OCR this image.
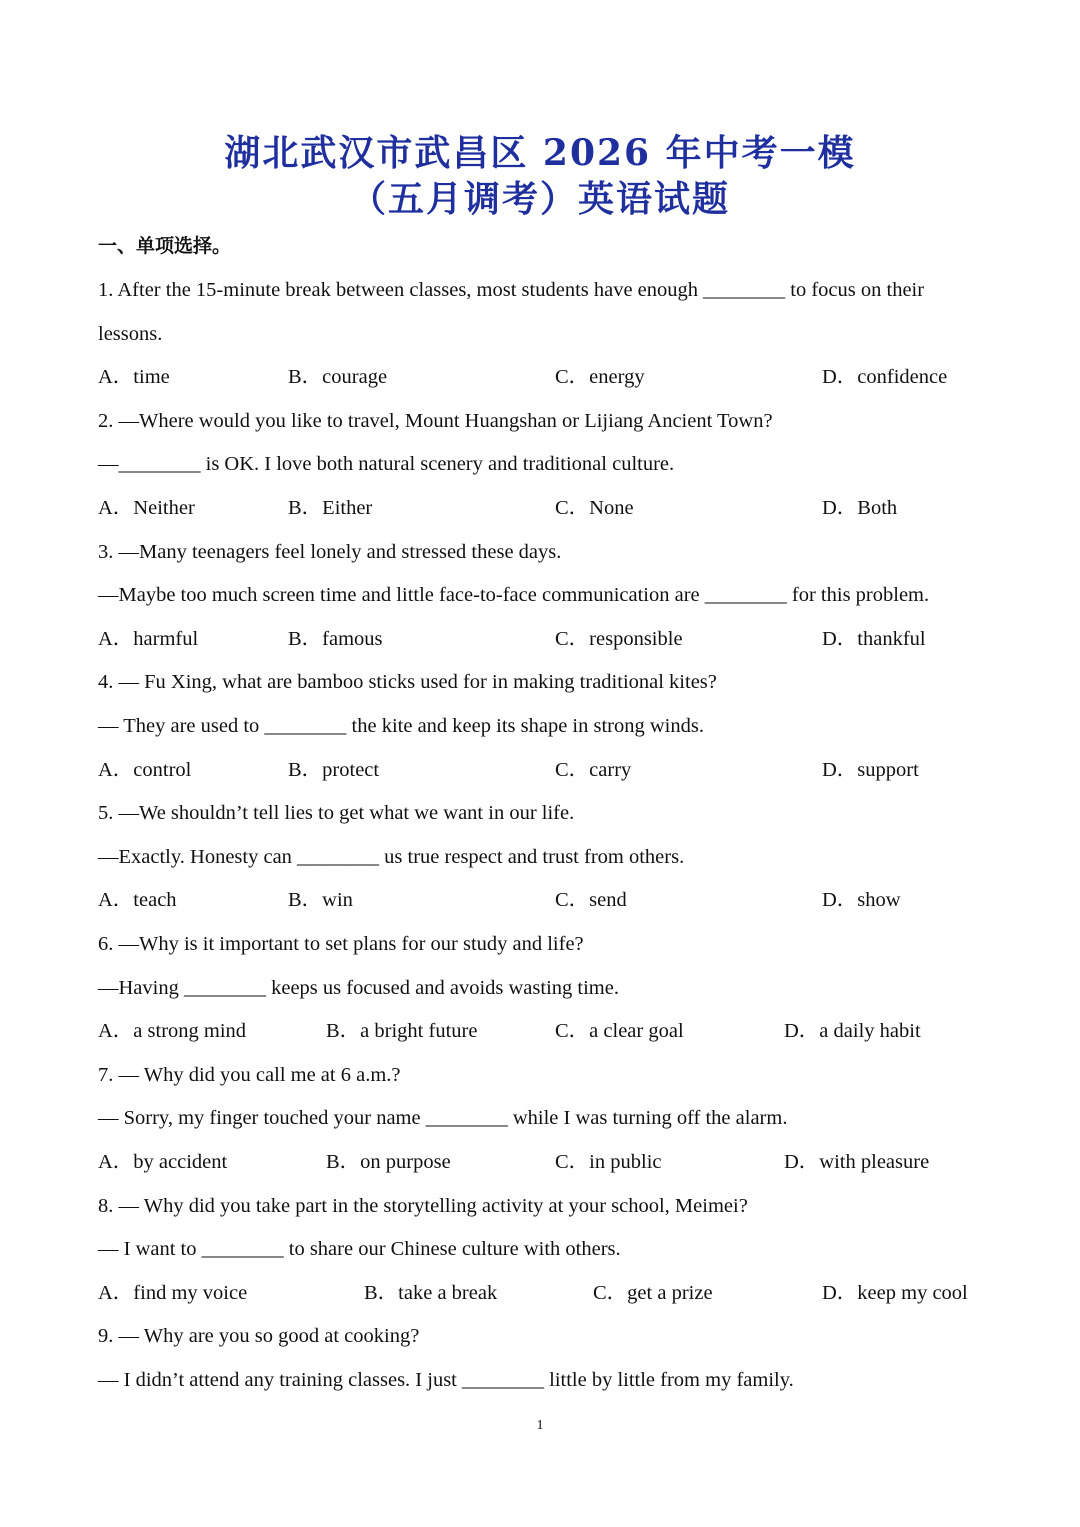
湖北武汉市武昌区 2026 年中考一模
（五月调考）英语试题

一、单项选择。

1. After the 15-minute break between classes, most students have enough ________ to focus on their

lessons.

A．time	B．courage	C．energy	D．confidence

2. —Where would you like to travel, Mount Huangshan or Lijiang Ancient Town?

—________ is OK. I love both natural scenery and traditional culture.

A．Neither	B．Either	C．None	D．Both

3. —Many teenagers feel lonely and stressed these days.

—Maybe too much screen time and little face-to-face communication are ________ for this problem.

A．harmful	B．famous	C．responsible	D．thankful

4. — Fu Xing, what are bamboo sticks used for in making traditional kites?

— They are used to ________ the kite and keep its shape in strong winds.

A．control	B．protect	C．carry	D．support

5. —We shouldn’t tell lies to get what we want in our life.

—Exactly. Honesty can ________ us true respect and trust from others.

A．teach	B．win	C．send	D．show

6. —Why is it important to set plans for our study and life?

—Having ________ keeps us focused and avoids wasting time.

A．a strong mind	B．a bright future	C．a clear goal	D．a daily habit

7. — Why did you call me at 6 a.m.?

— Sorry, my finger touched your name ________ while I was turning off the alarm.

A．by accident	B．on purpose	C．in public	D．with pleasure

8. — Why did you take part in the storytelling activity at your school, Meimei?

— I want to ________ to share our Chinese culture with others.

A．find my voice	B．take a break	C．get a prize	D．keep my cool

9. — Why are you so good at cooking?

— I didn’t attend any training classes. I just ________ little by little from my family.

1
